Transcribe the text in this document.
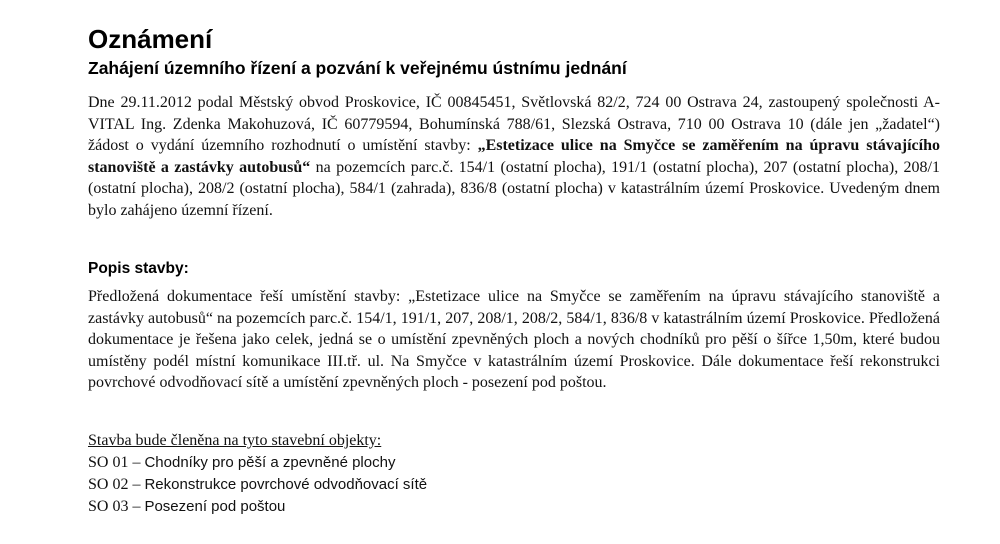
Oznámení
Zahájení územního řízení a pozvání k veřejnému ústnímu jednání

Dne 29.11.2012 podal Městský obvod Proskovice, IČ 00845451, Světlovská 82/2, 724 00 Ostrava 24, zastoupený společnosti A-VITAL Ing. Zdenka Makohuzová, IČ 60779594, Bohumínská 788/61, Slezská Ostrava, 710 00 Ostrava 10 (dále jen „žadatel“) žádost o vydání územního rozhodnutí o umístění stavby: „Estetizace ulice na Smyčce se zaměřením na úpravu stávajícího stanoviště a zastávky autobusů“ na pozemcích parc.č. 154/1 (ostatní plocha), 191/1 (ostatní plocha), 207 (ostatní plocha), 208/1 (ostatní plocha), 208/2 (ostatní plocha), 584/1 (zahrada), 836/8 (ostatní plocha) v katastrálním území Proskovice. Uvedeným dnem bylo zahájeno územní řízení.

Popis stavby:

Předložená dokumentace řeší umístění stavby: „Estetizace ulice na Smyčce se zaměřením na úpravu stávajícího stanoviště a zastávky autobusů“ na pozemcích parc.č. 154/1, 191/1, 207, 208/1, 208/2, 584/1, 836/8 v katastrálním území Proskovice. Předložená dokumentace je řešena jako celek, jedná se o umístění zpevněných ploch a nových chodníků pro pěší o šířce 1,50m, které budou umístěny podél místní komunikace III.tř. ul. Na Smyčce v katastrálním území Proskovice. Dále dokumentace řeší rekonstrukci povrchové odvodňovací sítě a umístění zpevněných ploch - posezení pod poštou.

Stavba bude členěna na tyto stavební objekty:

SO 01 – Chodníky pro pěší a zpevněné plochy
SO 02 – Rekonstrukce povrchové odvodňovací sítě
SO 03 – Posezení pod poštou
